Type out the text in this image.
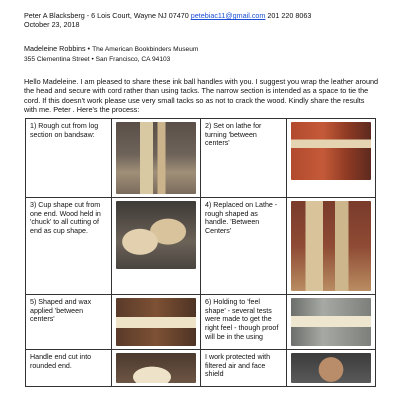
Peter A Blacksberg - 6 Lois Court, Wayne NJ 07470 petebiac11@gmail.com 201 220 8063
October 23, 2018
Madeleine Robbins • The American Bookbinders Museum
355 Clementina Street • San Francisco, CA 94103
Hello Madeleine. I am pleased to share these ink ball handles with you. I suggest you wrap the leather around the head and secure with cord rather than using tacks. The narrow section is intended as a space to tie the cord. If this doesn't work please use very small tacks so as not to crack the wood. Kindly share the results with me. Peter . Here's the process:
1) Rough cut from log section on bandsaw:		2) Set on lathe for turning 'between centers'	

3) Cup shape cut from one end. Wood held in 'chuck' to all cutting of end as cup shape.		4) Replaced on Lathe - rough shaped as handle. 'Between Centers'	

5) Shaped and wax applied 'between centers'		6) Holding to 'feel shape' - several tests were made to get the right feel - though proof will be in the using	

Handle end cut into rounded end.		I work protected with filtered air and face shield	
